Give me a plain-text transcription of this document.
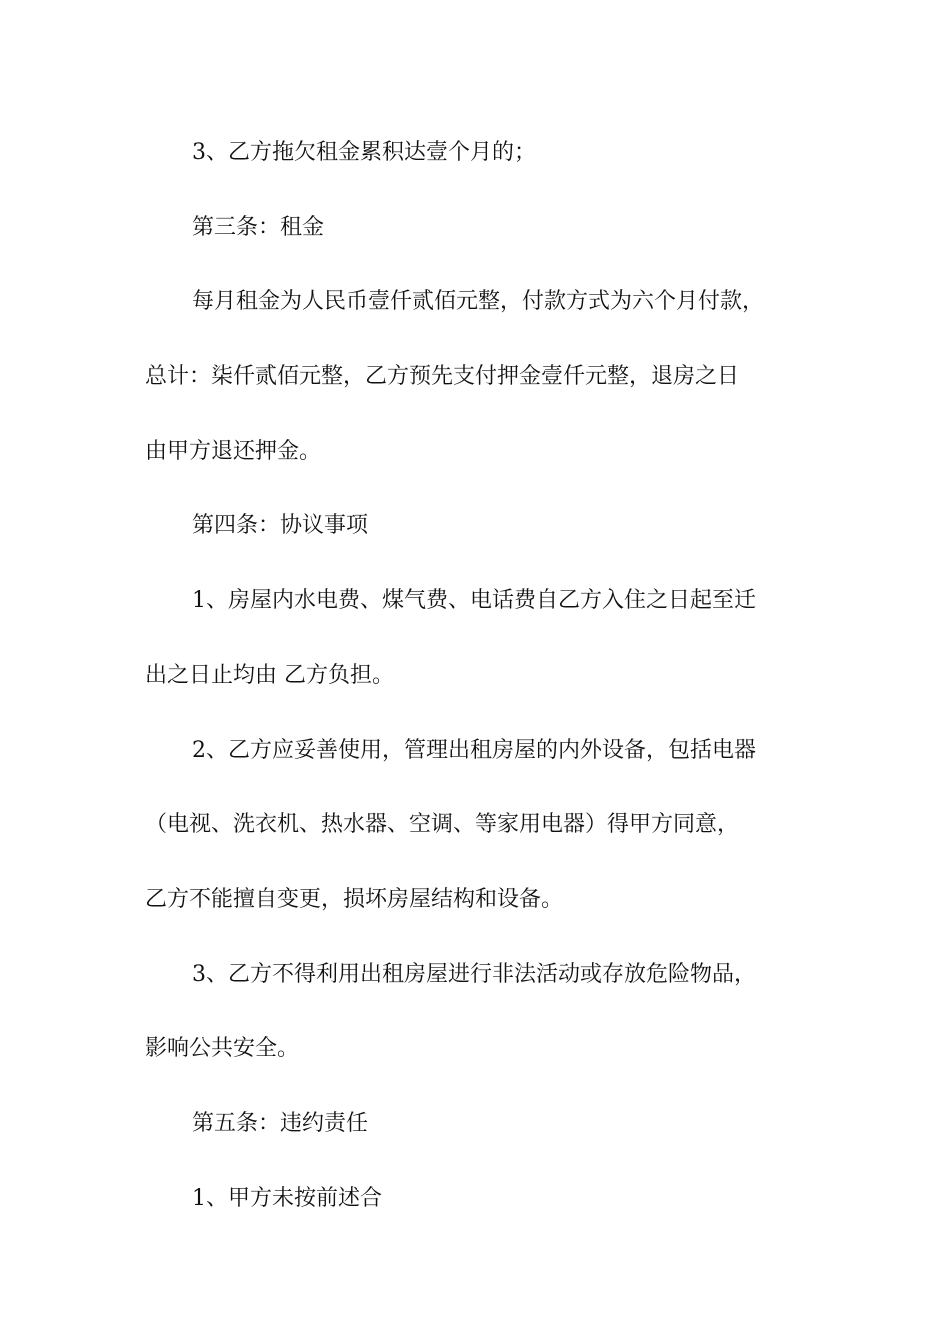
3、乙方拖欠租金累积达壹个月的；
第三条：租金
每月租金为人民币壹仟贰佰元整，付款方式为六个月付款，
总计：柒仟贰佰元整，乙方预先支付押金壹仟元整，退房之日
由甲方退还押金。
第四条：协议事项
1、房屋内水电费、煤气费、电话费自乙方入住之日起至迁
出之日止均由 乙方负担。
2、乙方应妥善使用，管理出租房屋的内外设备，包括电器
（电视、洗衣机、热水器、空调、等家用电器）得甲方同意，
乙方不能擅自变更，损坏房屋结构和设备。
3、乙方不得利用出租房屋进行非法活动或存放危险物品，
影响公共安全。
第五条：违约责任
1、甲方未按前述合
